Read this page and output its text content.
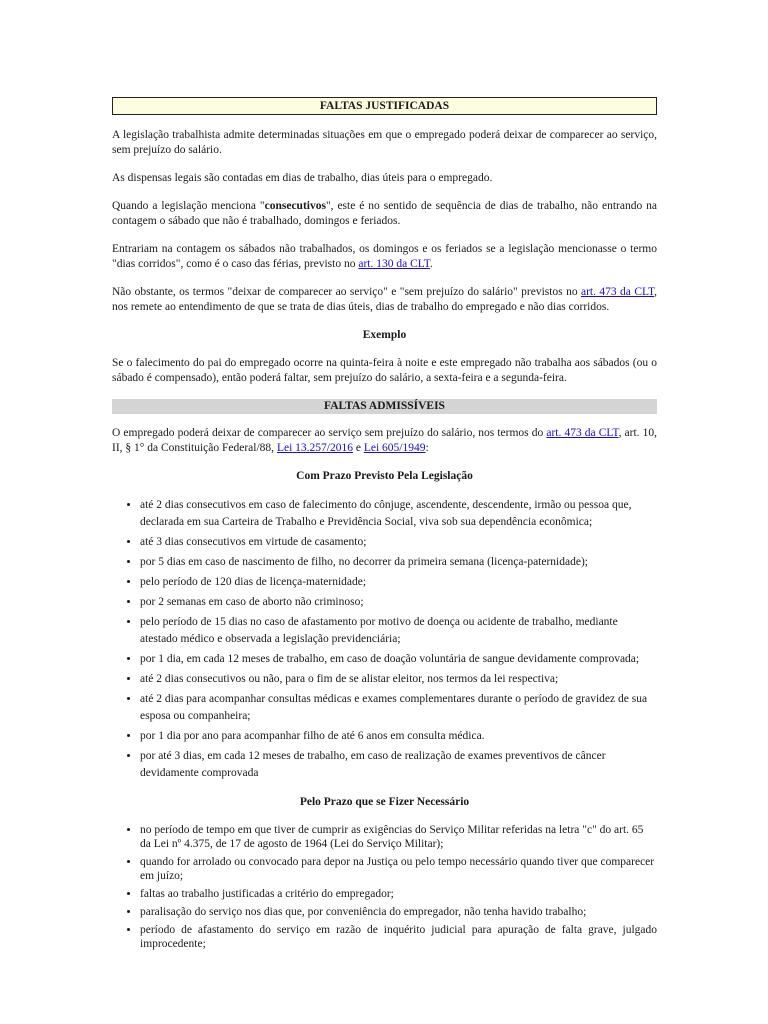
FALTAS JUSTIFICADAS

A legislação trabalhista admite determinadas situações em que o empregado poderá deixar de comparecer ao serviço, sem prejuízo do salário.

As dispensas legais são contadas em dias de trabalho, dias úteis para o empregado.

Quando a legislação menciona "consecutivos", este é no sentido de sequência de dias de trabalho, não entrando na contagem o sábado que não é trabalhado, domingos e feriados.

Entrariam na contagem os sábados não trabalhados, os domingos e os feriados se a legislação mencionasse o termo "dias corridos", como é o caso das férias, previsto no art. 130 da CLT.

Não obstante, os termos "deixar de comparecer ao serviço" e "sem prejuízo do salário" previstos no art. 473 da CLT, nos remete ao entendimento de que se trata de dias úteis, dias de trabalho do empregado e não dias corridos.

Exemplo

Se o falecimento do pai do empregado ocorre na quinta-feira à noite e este empregado não trabalha aos sábados (ou o sábado é compensado), então poderá faltar, sem prejuízo do salário, a sexta-feira e a segunda-feira.

FALTAS ADMISSÍVEIS

O empregado poderá deixar de comparecer ao serviço sem prejuízo do salário, nos termos do art. 473 da CLT, art. 10, II, § 1° da Constituição Federal/88, Lei 13.257/2016 e Lei 605/1949:

Com Prazo Previsto Pela Legislação
• até 2 dias consecutivos em caso de falecimento do cônjuge, ascendente, descendente, irmão ou pessoa que, declarada em sua Carteira de Trabalho e Previdência Social, viva sob sua dependência econômica;
• até 3 dias consecutivos em virtude de casamento;
• por 5 dias em caso de nascimento de filho, no decorrer da primeira semana (licença-paternidade);
• pelo período de 120 dias de licença-maternidade;
• por 2 semanas em caso de aborto não criminoso;
• pelo período de 15 dias no caso de afastamento por motivo de doença ou acidente de trabalho, mediante atestado médico e observada a legislação previdenciária;
• por 1 dia, em cada 12 meses de trabalho, em caso de doação voluntária de sangue devidamente comprovada;
• até 2 dias consecutivos ou não, para o fim de se alistar eleitor, nos termos da lei respectiva;
• até 2 dias para acompanhar consultas médicas e exames complementares durante o período de gravidez de sua esposa ou companheira;
• por 1 dia por ano para acompanhar filho de até 6 anos em consulta médica.
• por até 3 dias, em cada 12 meses de trabalho, em caso de realização de exames preventivos de câncer devidamente comprovada
Pelo Prazo que se Fizer Necessário
• no período de tempo em que tiver de cumprir as exigências do Serviço Militar referidas na letra "c" do art. 65 da Lei nº 4.375, de 17 de agosto de 1964 (Lei do Serviço Militar);
• quando for arrolado ou convocado para depor na Justiça ou pelo tempo necessário quando tiver que comparecer em juízo;
• faltas ao trabalho justificadas a critério do empregador;
• paralisação do serviço nos dias que, por conveniência do empregador, não tenha havido trabalho;
• período de afastamento do serviço em razão de inquérito judicial para apuração de falta grave, julgado improcedente;
